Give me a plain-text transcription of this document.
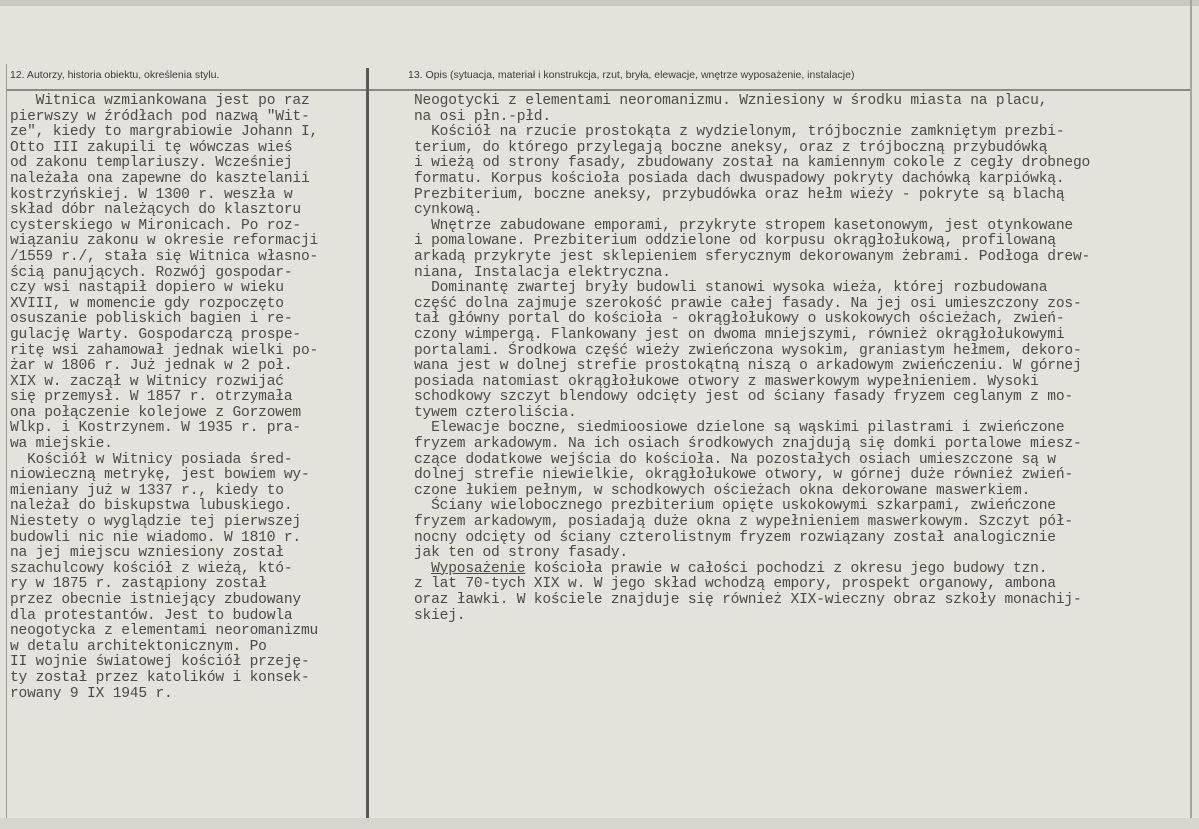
12. Autorzy, historia obiektu, określenia stylu.	13. Opis (sytuacja, materiał i konstrukcja, rzut, bryła, elewacje, wnętrze wyposażenie, instalacje)
Witnica wzmiankowana jest po raz
pierwszy w źródłach pod nazwą "Wit-
ze", kiedy to margrabiowie Johann I,
Otto III zakupili tę wówczas wieś
od zakonu templariuszy. Wcześniej
należała ona zapewne do kasztelanii
kostrzyńskiej. W 1300 r. weszła w
skład dóbr należących do klasztoru
cysterskiego w Mironicach. Po roz-
wiązaniu zakonu w okresie reformacji
/1559 r./, stała się Witnica własno-
ścią panujących. Rozwój gospodar-
czy wsi nastąpił dopiero w wieku
XVIII, w momencie gdy rozpoczęto
osuszanie pobliskich bagien i re-
gulację Warty. Gospodarczą prospe-
ritę wsi zahamował jednak wielki po-
żar w 1806 r. Już jednak w 2 poł.
XIX w. zaczął w Witnicy rozwijać
się przemysł. W 1857 r. otrzymała
ona połączenie kolejowe z Gorzowem
Wlkp. i Kostrzynem. W 1935 r. pra-
wa miejskie.
Kościół w Witnicy posiada śred-
niowieczną metrykę, jest bowiem wy-
mieniany już w 1337 r., kiedy to
należał do biskupstwa lubuskiego.
Niestety o wyglądzie tej pierwszej
budowli nic nie wiadomo. W 1810 r.
na jej miejscu wzniesiony został
szachulcowy kościół z wieżą, któ-
ry w 1875 r. zastąpiony został
przez obecnie istniejący zbudowany
dla protestantów. Jest to budowla
neogotycka z elementami neoromanizmu
w detalu architektonicznym. Po
II wojnie światowej kościół przeję-
ty został przez katolików i konsek-
rowany 9 IX 1945 r.
Neogotycki z elementami neoromanizmu. Wzniesiony w środku miasta na placu,
na osi płn.-płd.
Kościół na rzucie prostokąta z wydzielonym, trójbocznie zamkniętym prezbi-
terium, do którego przylegają boczne aneksy, oraz z trójboczną przybudówką
i wieżą od strony fasady, zbudowany został na kamiennym cokole z cegły drobnego
formatu. Korpus kościoła posiada dach dwuspadowy pokryty dachówką karpiówką.
Prezbiterium, boczne aneksy, przybudówka oraz hełm wieży - pokryte są blachą
cynkową.
Wnętrze zabudowane emporami, przykryte stropem kasetonowym, jest otynkowane
i pomalowane. Prezbiterium oddzielone od korpusu okrągłołukową, profilowaną
arkadą przykryte jest sklepieniem sferycznym dekorowanym żebrami. Podłoga drew-
niana, Instalacja elektryczna.
Dominantę zwartej bryły budowli stanowi wysoka wieża, której rozbudowana
część dolna zajmuje szerokość prawie całej fasady. Na jej osi umieszczony zos-
tał główny portal do kościoła - okrągłołukowy o uskokowych ościeżach, zwień-
czony wimpergą. Flankowany jest on dwoma mniejszymi, również okrągłołukowymi
portalami. Środkowa część wieży zwieńczona wysokim, graniastym hełmem, dekoro-
wana jest w dolnej strefie prostokątną niszą o arkadowym zwieńczeniu. W górnej
posiada natomiast okrągłołukowe otwory z maswerkowym wypełnieniem. Wysoki
schodkowy szczyt blendowy odcięty jest od ściany fasady fryzem ceglanym z mo-
tywem czteroliścia.
Elewacje boczne, siedmioosiowe dzielone są wąskimi pilastrami i zwieńczone
fryzem arkadowym. Na ich osiach środkowych znajdują się domki portalowe miesz-
czące dodatkowe wejścia do kościoła. Na pozostałych osiach umieszczone są w
dolnej strefie niewielkie, okrągłołukowe otwory, w górnej duże również zwień-
czone łukiem pełnym, w schodkowych ościeżach okna dekorowane maswerkiem.
Ściany wielobocznego prezbiterium opięte uskokowymi szkarpami, zwieńczone
fryzem arkadowym, posiadają duże okna z wypełnieniem maswerkowym. Szczyt pół-
nocny odcięty od ściany czterolistnym fryzem rozwiązany został analogicznie
jak ten od strony fasady.
Wyposażenie kościoła prawie w całości pochodzi z okresu jego budowy tzn.
z lat 70-tych XIX w. W jego skład wchodzą empory, prospekt organowy, ambona
oraz ławki. W kościele znajduje się również XIX-wieczny obraz szkoły monachij-
skiej.
